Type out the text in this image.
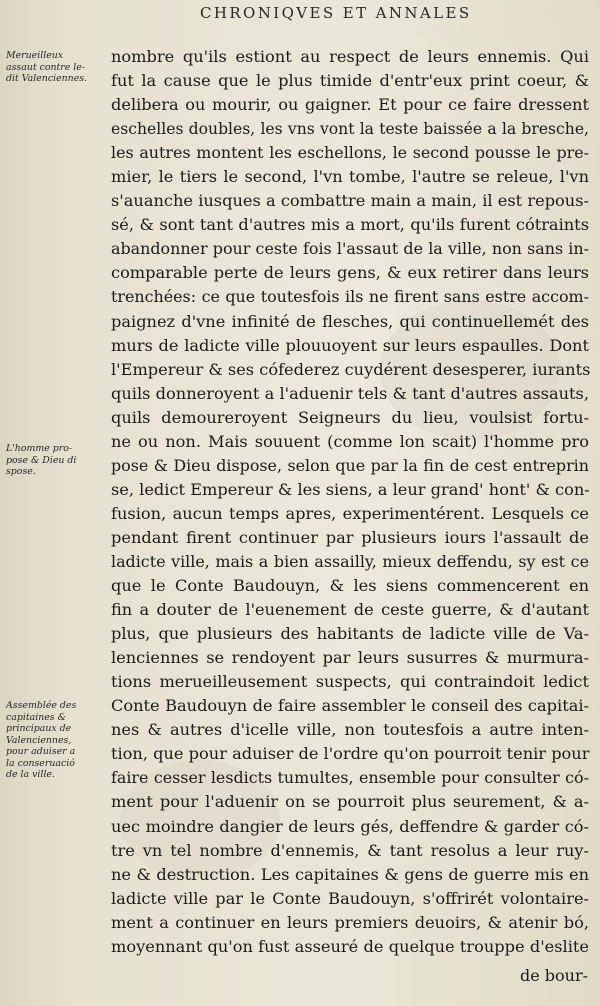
CHRONIQVES ET ANNALES
Merueilleux
assaut contre le-
dit Valenciennes.
L'homme pro-
pose & Dieu di
spose.
Assemblée des
capitaines &
principaux de
Valenciennes,
pour aduiser a
la conseruació
de la ville.
nombre qu'ils estiont au respect de leurs ennemis. Qui
fut la cause que le plus timide d'entr'eux print coeur, &
delibera ou mourir, ou gaigner. Et pour ce faire dressent
eschelles doubles, les vns vont la teste baissée a la bresche,
les autres montent les eschellons, le second pousse le pre-
mier, le tiers le second, l'vn tombe, l'autre se releue, l'vn
s'auanche iusques a combattre main a main, il est repous-
sé, & sont tant d'autres mis a mort, qu'ils furent cótraints
abandonner pour ceste fois l'assaut de la ville, non sans in-
comparable perte de leurs gens, & eux retirer dans leurs
trenchées: ce que toutesfois ils ne firent sans estre accom-
paignez d'vne infinité de flesches, qui continuellemét des
murs de ladicte ville plouuoyent sur leurs espaulles. Dont
l'Empereur & ses cófederez cuydérent desesperer, iurants
quils donneroyent a l'aduenir tels & tant d'autres assauts,
quils demoureroyent Seigneurs du lieu, voulsist fortu-
ne ou non. Mais souuent (comme lon scait) l'homme pro
pose & Dieu dispose, selon que par la fin de cest entreprin
se, ledict Empereur & les siens, a leur grand' hont' & con-
fusion, aucun temps apres, experimentérent. Lesquels ce
pendant firent continuer par plusieurs iours l'assault de
ladicte ville, mais a bien assailly, mieux deffendu, sy est ce
que le Conte Baudouyn, & les siens commencerent en
fin a douter de l'euenement de ceste guerre, & d'autant
plus, que plusieurs des habitants de ladicte ville de Va-
lenciennes se rendoyent par leurs susurres & murmura-
tions merueilleusement suspects, qui contraindoit ledict
Conte Baudouyn de faire assembler le conseil des capitai-
nes & autres d'icelle ville, non toutesfois a autre inten-
tion, que pour aduiser de l'ordre qu'on pourroit tenir pour
faire cesser lesdicts tumultes, ensemble pour consulter có-
ment pour l'aduenir on se pourroit plus seurement, & a-
uec moindre dangier de leurs gés, deffendre & garder có-
tre vn tel nombre d'ennemis, & tant resolus a leur ruy-
ne & destruction. Les capitaines & gens de guerre mis en
ladicte ville par le Conte Baudouyn, s'offrirét volontaire-
ment a continuer en leurs premiers deuoirs, & atenir bó,
moyennant qu'on fust asseuré de quelque trouppe d'eslite
de bour-
